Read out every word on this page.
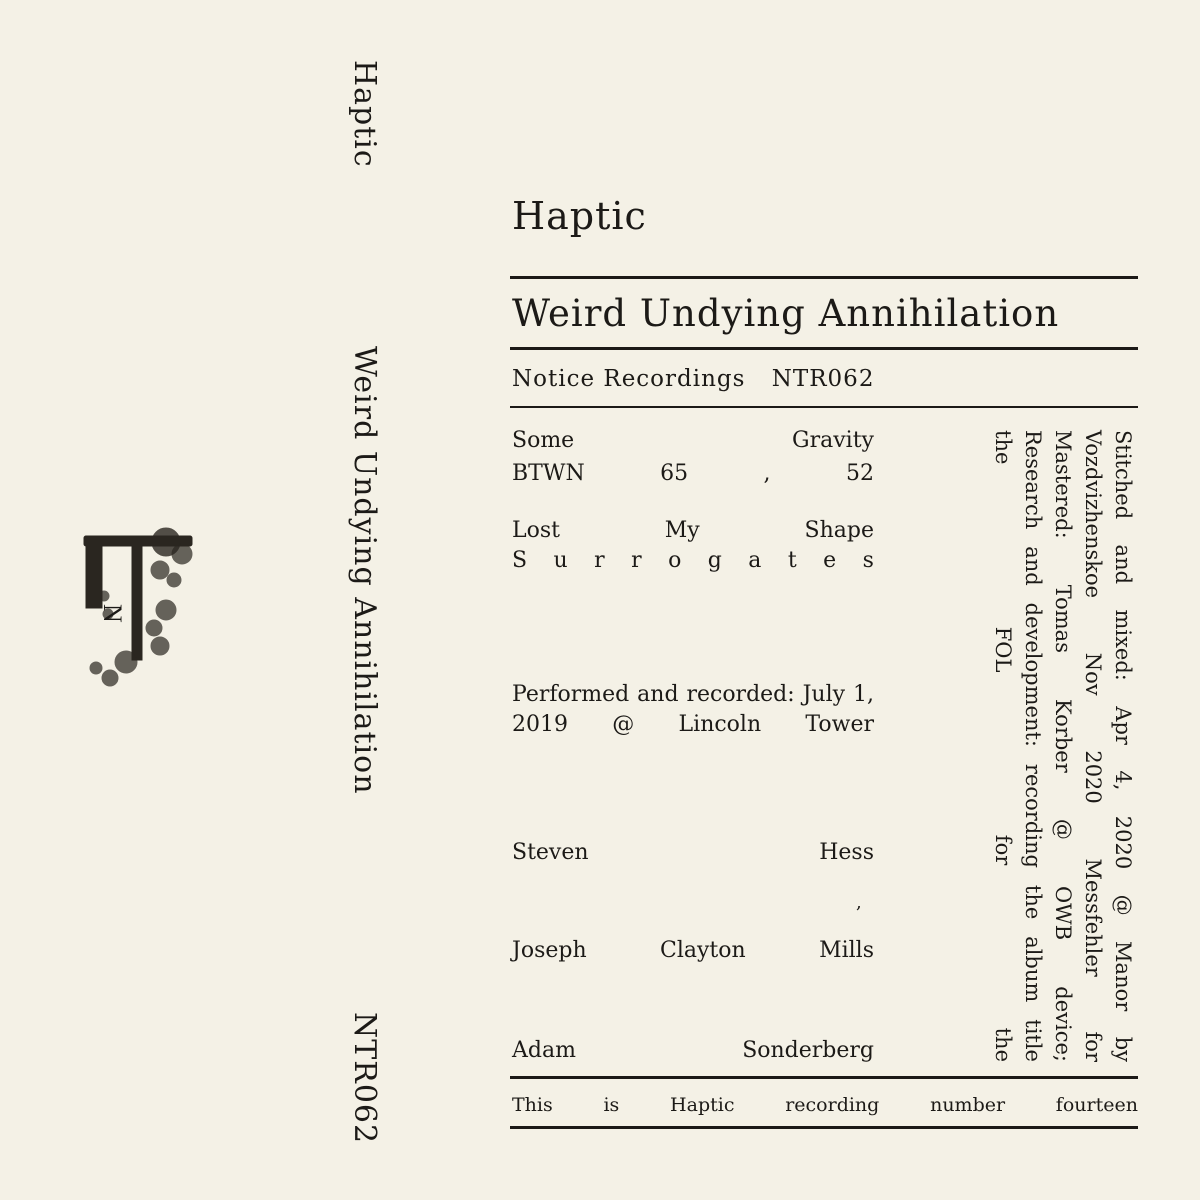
Haptic
Weird Undying Annihilation
NTR062
N
Haptic
Weird Undying Annihilation
Notice Recordings NTR062
Some	Gravity
BTWN	65	,	52
Lost	My	Shape
S u r r o g a t e s
Performed and recorded: July 1, 2019 @ Lincoln Tower
Steven	Hess
,
Joseph	Clayton	Mills
Adam	Sonderberg	Stitched and mixed: Apr 4, 2020 @ Manor by
Vozdvizhenskoe Nov 2020 Messfehler for
Mastered: Tomas Korber @ OWB device;
Research and development: recording the album title
the FOL for the
This	is	Haptic	recording	number	fourteen
